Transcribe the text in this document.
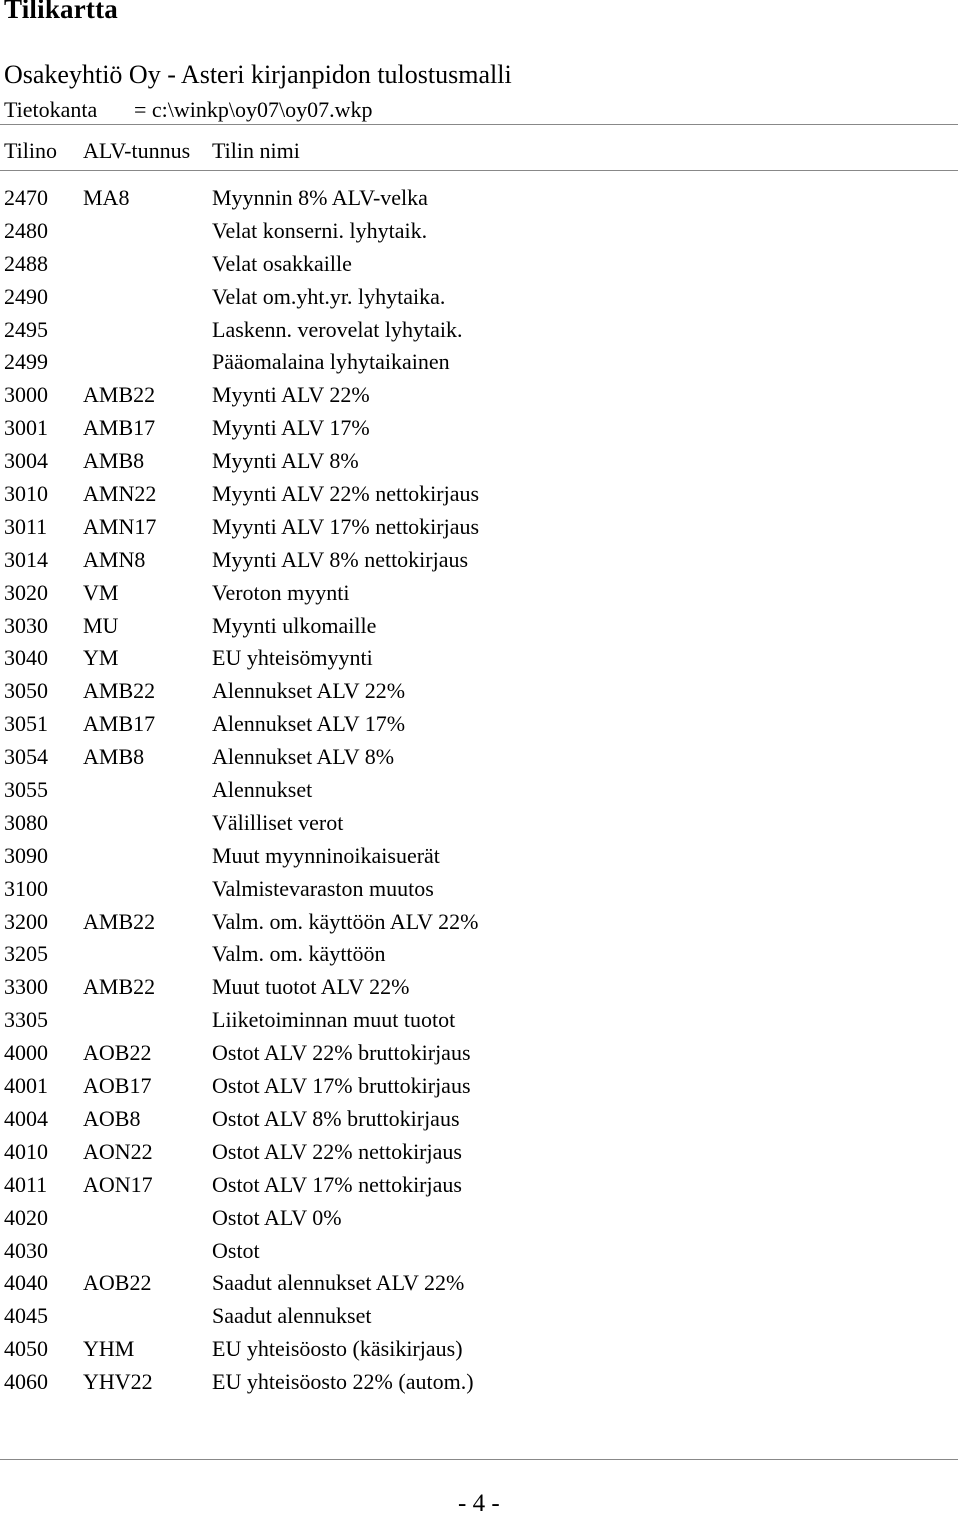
Tilikartta
Osakeyhtiö Oy - Asteri kirjanpidon tulostusmalli
Tietokanta = c:\winkp\oy07\oy07.wkp
Tilino ALV-tunnus Tilin nimi
2470 MA8	Myynnin 8% ALV-velka
2480	Velat konserni. lyhytaik.
2488	Velat osakkaille
2490	Velat om.yht.yr. lyhytaika.
2495	Laskenn. verovelat lyhytaik.
2499	Pääomalaina lyhytaikainen
3000 AMB22	Myynti ALV 22%
3001 AMB17	Myynti ALV 17%
3004 AMB8	Myynti ALV 8%
3010 AMN22	Myynti ALV 22% nettokirjaus
3011 AMN17	Myynti ALV 17% nettokirjaus
3014 AMN8	Myynti ALV 8% nettokirjaus
3020 VM	Veroton myynti
3030 MU	Myynti ulkomaille
3040 YM	EU yhteisömyynti
3050 AMB22	Alennukset ALV 22%
3051 AMB17	Alennukset ALV 17%
3054 AMB8	Alennukset ALV 8%
3055	Alennukset
3080	Välilliset verot
3090	Muut myynninoikaisuerät
3100	Valmistevaraston muutos
3200 AMB22	Valm. om. käyttöön ALV 22%
3205	Valm. om. käyttöön
3300 AMB22	Muut tuotot ALV 22%
3305	Liiketoiminnan muut tuotot
4000 AOB22	Ostot ALV 22% bruttokirjaus
4001 AOB17	Ostot ALV 17% bruttokirjaus
4004 AOB8	Ostot ALV 8% bruttokirjaus
4010 AON22	Ostot ALV 22% nettokirjaus
4011 AON17	Ostot ALV 17% nettokirjaus
4020	Ostot ALV 0%
4030	Ostot
4040 AOB22	Saadut alennukset ALV 22%
4045	Saadut alennukset
4050 YHM	EU yhteisöosto (käsikirjaus)
4060 YHV22	EU yhteisöosto 22% (autom.)
- 4 -
